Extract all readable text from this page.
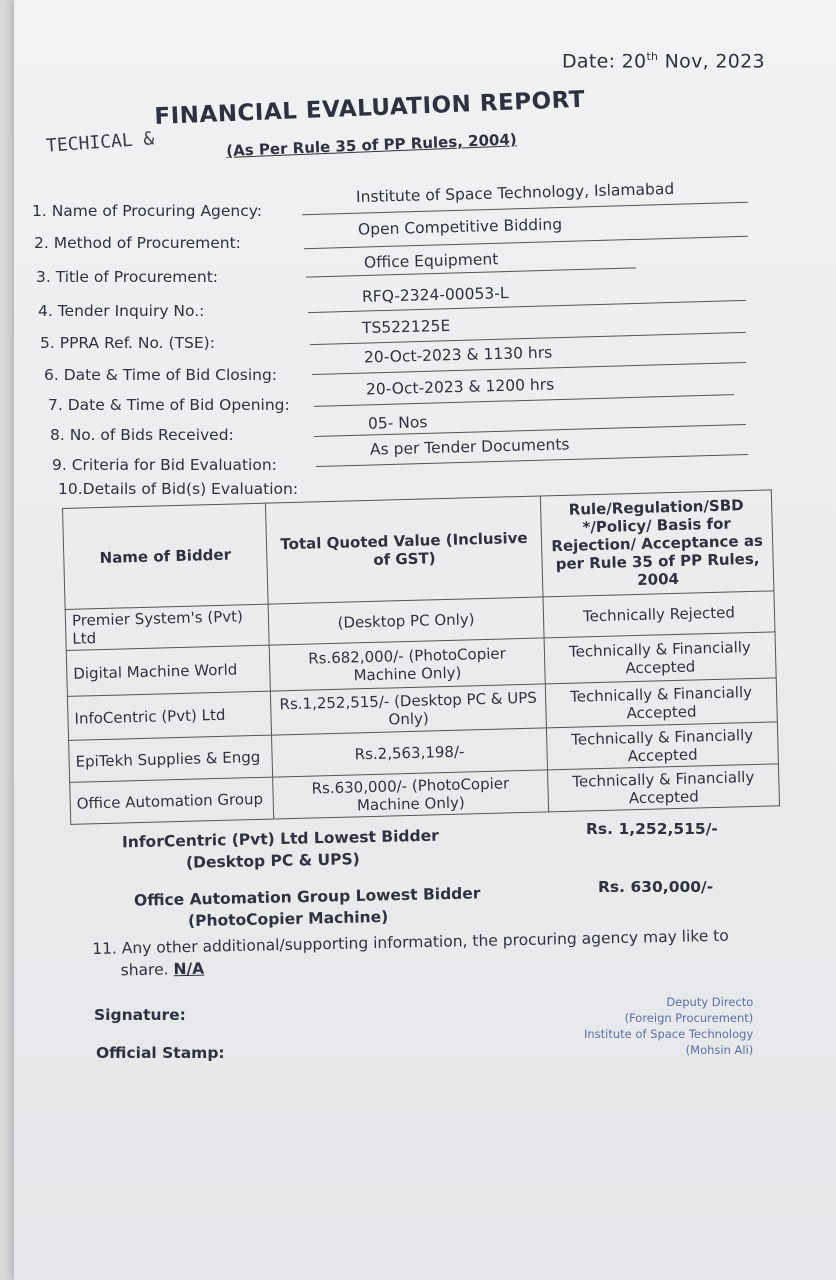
Date: 20th Nov, 2023
TECHICAL &
FINANCIAL EVALUATION REPORT
(As Per Rule 35 of PP Rules, 2004)
1. Name of Procuring Agency:
Institute of Space Technology, Islamabad
2. Method of Procurement:
Open Competitive Bidding
3. Title of Procurement:
Office Equipment
4. Tender Inquiry No.:
RFQ-2324-00053-L
5. PPRA Ref. No. (TSE):
TS522125E
6. Date & Time of Bid Closing:
20-Oct-2023 & 1130 hrs
7. Date & Time of Bid Opening:
20-Oct-2023 & 1200 hrs
8. No. of Bids Received:
05- Nos
9. Criteria for Bid Evaluation:
As per Tender Documents
10.Details of Bid(s) Evaluation:
Name of Bidder	Total Quoted Value (Inclusive of GST)	Rule/Regulation/SBD */Policy/ Basis for Rejection/ Acceptance as per Rule 35 of PP Rules, 2004
Premier System's (Pvt) Ltd	(Desktop PC Only)	Technically Rejected
Digital Machine World	Rs.682,000/- (PhotoCopier Machine Only)	Technically & Financially Accepted
InfoCentric (Pvt) Ltd	Rs.1,252,515/- (Desktop PC & UPS Only)	Technically & Financially Accepted
EpiTekh Supplies & Engg	Rs.2,563,198/-	Technically & Financially Accepted
Office Automation Group	Rs.630,000/- (PhotoCopier Machine Only)	Technically & Financially Accepted
InforCentric (Pvt) Ltd Lowest Bidder
(Desktop PC & UPS)
Rs. 1,252,515/-
Office Automation Group Lowest Bidder
(PhotoCopier Machine)
Rs. 630,000/-
11. Any other additional/supporting information, the procuring agency may like to
share. N/A
Signature:
Official Stamp:
Deputy Directo
(Foreign Procurement)
Institute of Space Technology
(Mohsin Ali)
